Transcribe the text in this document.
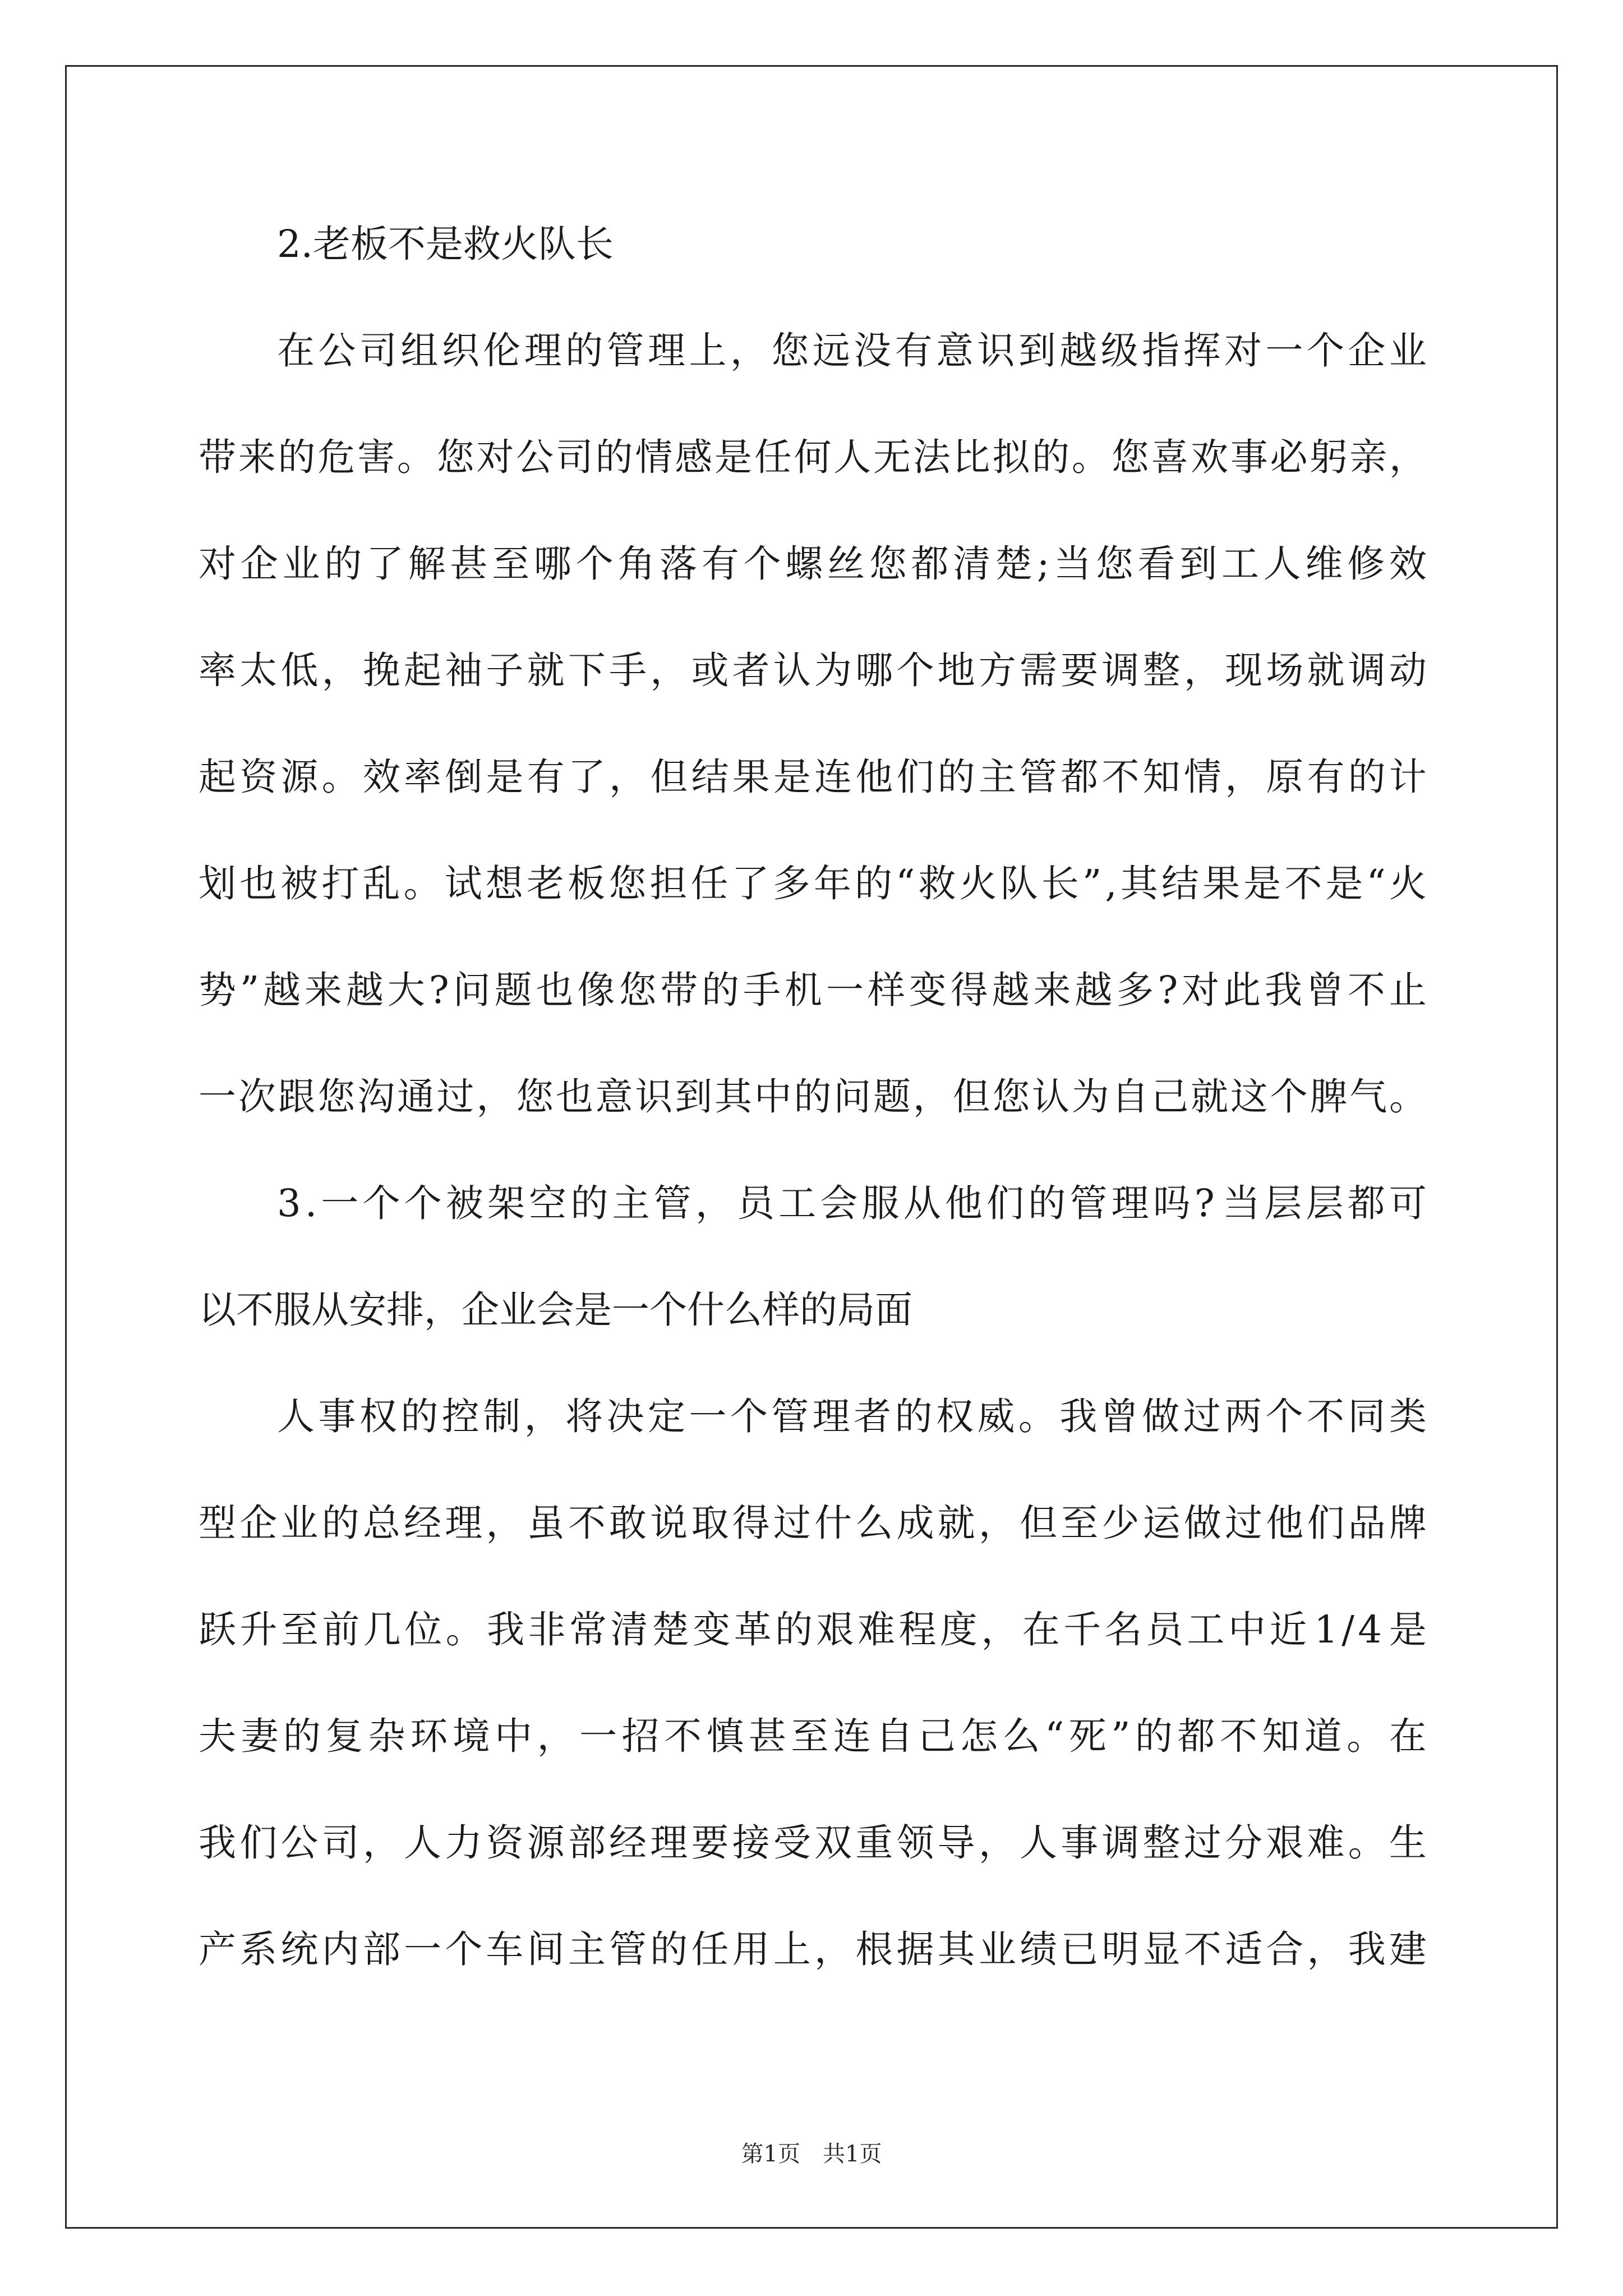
2.老板不是救火队长
在 公 司 组 织 伦 理 的 管 理 上 ， 您 远 没 有 意 识 到 越 级 指 挥 对 一 个 企 业
带 来 的 危 害 。 您 对 公 司 的 情 感 是 任 何 人 无 法 比 拟 的 。 您 喜 欢 事 必 躬 亲 ，
对 企 业 的 了 解 甚 至 哪 个 角 落 有 个 螺 丝 您 都 清 楚 ; 当 您 看 到 工 人 维 修 效
率 太 低 ， 挽 起 袖 子 就 下 手 ， 或 者 认 为 哪 个 地 方 需 要 调 整 ， 现 场 就 调 动
起 资 源 。 效 率 倒 是 有 了 ， 但 结 果 是 连 他 们 的 主 管 都 不 知 情 ， 原 有 的 计
划 也 被 打 乱 。 试 想 老 板 您 担 任 了 多 年 的 “ 救 火 队 长 ” , 其 结 果 是 不 是 “ 火
势 ” 越 来 越 大 ? 问 题 也 像 您 带 的 手 机 一 样 变 得 越 来 越 多 ? 对 此 我 曾 不 止
一 次 跟 您 沟 通 过 ， 您 也 意 识 到 其 中 的 问 题 ， 但 您 认 为 自 己 就 这 个 脾 气 。
3 . 一 个 个 被 架 空 的 主 管 ， 员 工 会 服 从 他 们 的 管 理 吗 ? 当 层 层 都 可
以不服从安排，企业会是一个什么样的局面
人 事 权 的 控 制 ， 将 决 定 一 个 管 理 者 的 权 威 。 我 曾 做 过 两 个 不 同 类
型 企 业 的 总 经 理 ， 虽 不 敢 说 取 得 过 什 么 成 就 ， 但 至 少 运 做 过 他 们 品 牌
跃 升 至 前 几 位 。 我 非 常 清 楚 变 革 的 艰 难 程 度 ， 在 千 名 员 工 中 近 1 / 4 是
夫 妻 的 复 杂 环 境 中 ， 一 招 不 慎 甚 至 连 自 己 怎 么 “ 死 ” 的 都 不 知 道 。 在
我 们 公 司 ， 人 力 资 源 部 经 理 要 接 受 双 重 领 导 ， 人 事 调 整 过 分 艰 难 。 生
产 系 统 内 部 一 个 车 间 主 管 的 任 用 上 ， 根 据 其 业 绩 已 明 显 不 适 合 ， 我 建
第1页　共1页
